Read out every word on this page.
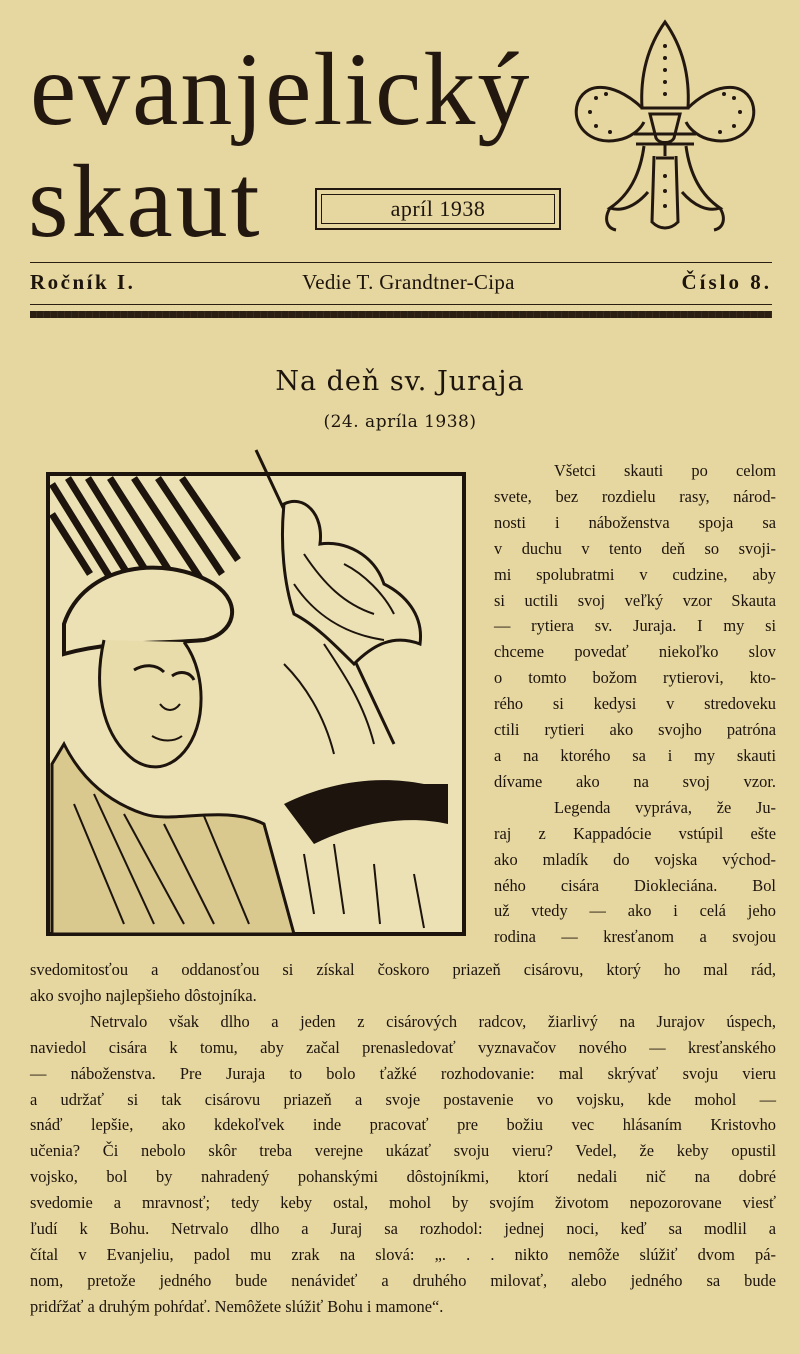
evanjelický
skaut	apríl 1938
Ročník I.	Vedie T. Grandtner-Cipa	Číslo 8.
Na deň sv. Juraja
(24. apríla 1938)
Všetci skauti po celom
svete, bez rozdielu rasy, národ-
nosti i náboženstva spoja sa
v duchu v tento deň so svoji-
mi spolubratmi v cudzine, aby
si uctili svoj veľký vzor Skauta
— rytiera sv. Juraja. I my si
chceme povedať niekoľko slov
o tomto božom rytierovi, kto-
rého si kedysi v stredoveku
ctili rytieri ako svojho patróna
a na ktorého sa i my skauti
dívame ako na svoj vzor.
Legenda vypráva, že Ju-
raj z Kappadócie vstúpil ešte
ako mladík do vojska východ-
ného cisára Diokleciána. Bol
už vtedy — ako i celá jeho
rodina — kresťanom a svojou
svedomitosťou a oddanosťou si získal čoskoro priazeň cisárovu, ktorý ho mal rád,
ako svojho najlepšieho dôstojníka.
Netrvalo však dlho a jeden z cisárových radcov, žiarlivý na Jurajov úspech,
naviedol cisára k tomu, aby začal prenasledovať vyznavačov nového — kresťanského
— náboženstva. Pre Juraja to bolo ťažké rozhodovanie: mal skrývať svoju vieru
a udržať si tak cisárovu priazeň a svoje postavenie vo vojsku, kde mohol —
snáď lepšie, ako kdekoľvek inde pracovať pre božiu vec hlásaním Kristovho
učenia? Či nebolo skôr treba verejne ukázať svoju vieru? Vedel, že keby opustil
vojsko, bol by nahradený pohanskými dôstojníkmi, ktorí nedali nič na dobré
svedomie a mravnosť; tedy keby ostal, mohol by svojím životom nepozorovane viesť
ľudí k Bohu. Netrvalo dlho a Juraj sa rozhodol: jednej noci, keď sa modlil a
čítal v Evanjeliu, padol mu zrak na slová: „. . . nikto nemôže slúžiť dvom pá-
nom, pretože jedného bude nenávideť a druhého milovať, alebo jedného sa bude
pridŕžať a druhým pohŕdať. Nemôžete slúžiť Bohu i mamone“.
